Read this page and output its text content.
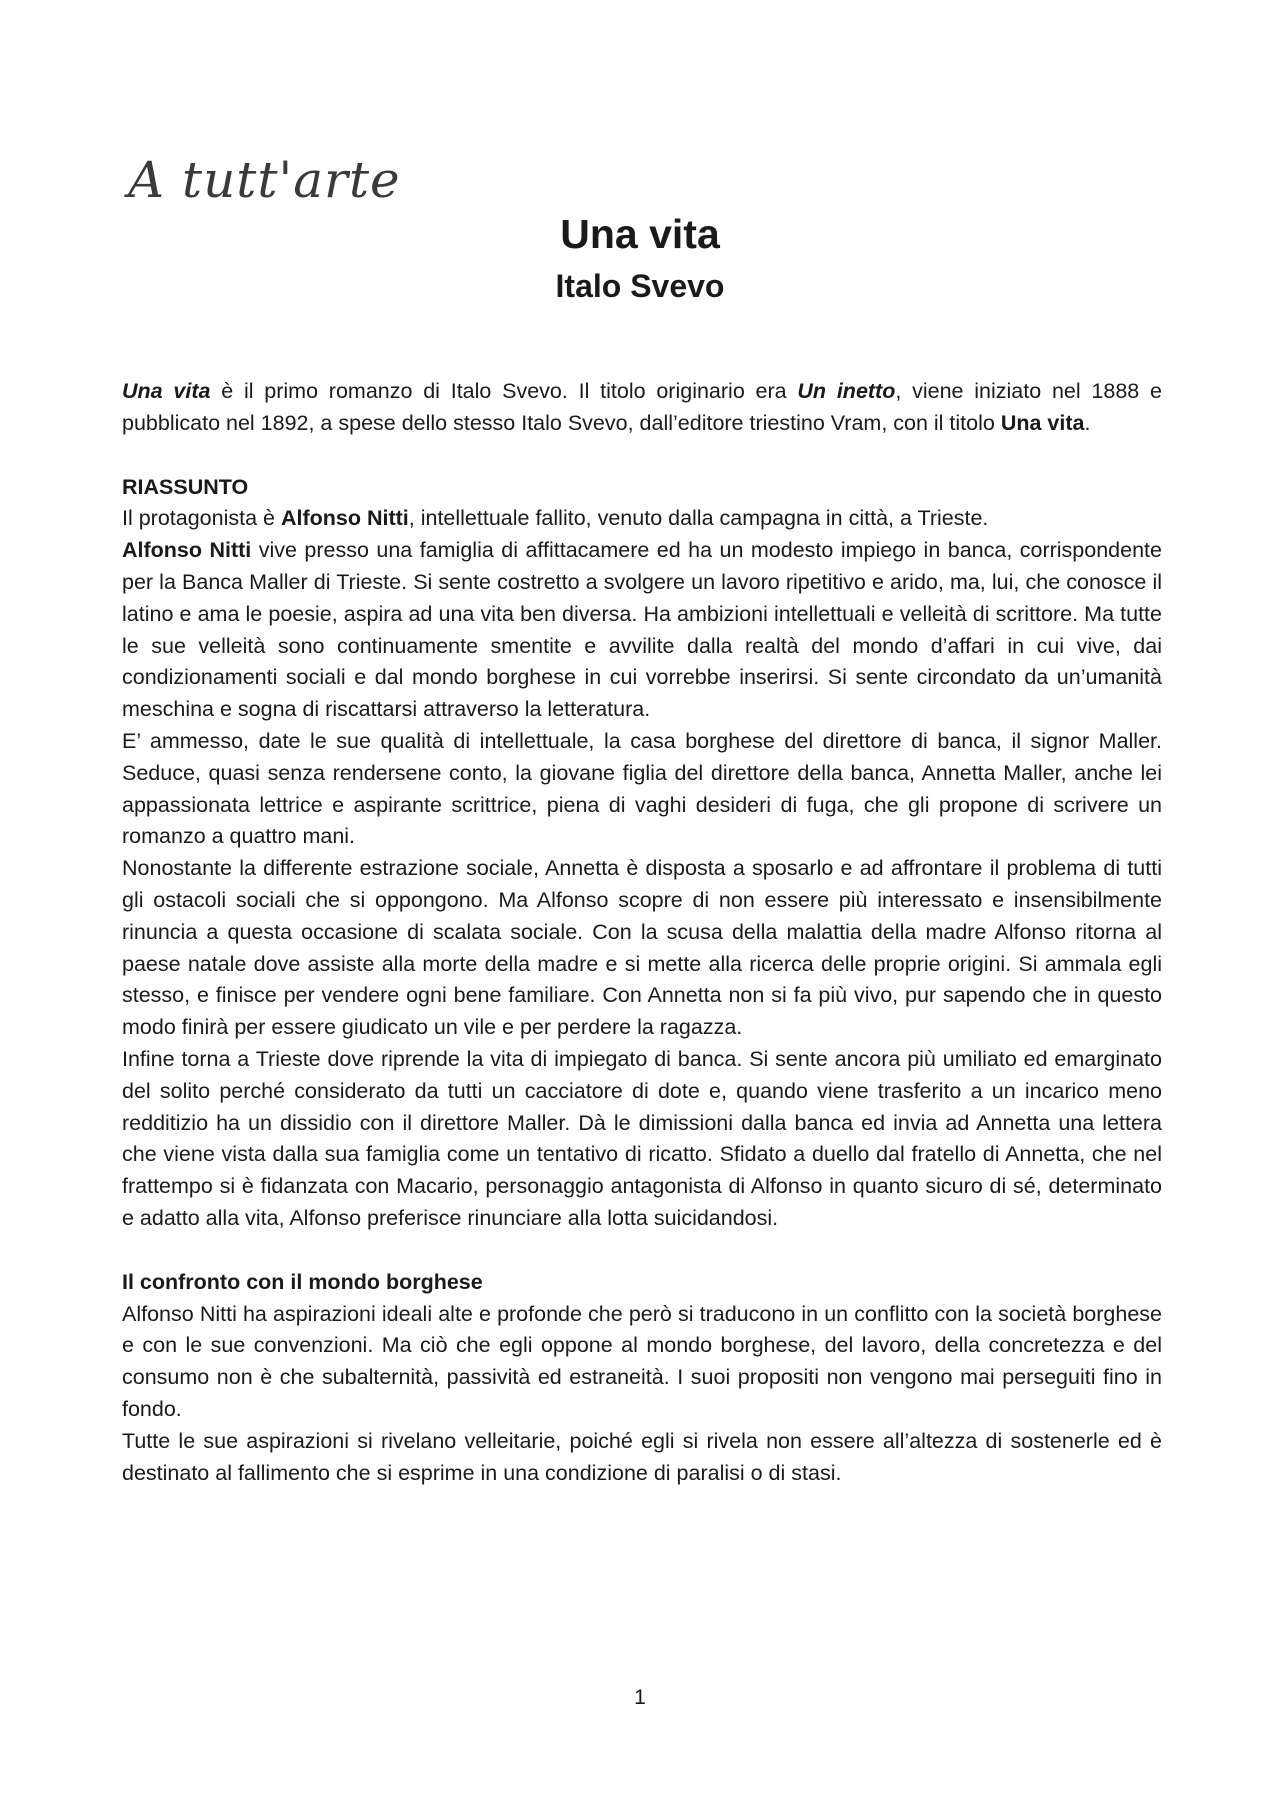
A tutt'arte
Una vita
Italo Svevo

Una vita è il primo romanzo di Italo Svevo. Il titolo originario era Un inetto, viene iniziato nel 1888 e pubblicato nel 1892, a spese dello stesso Italo Svevo, dall’editore triestino Vram, con il titolo Una vita.

RIASSUNTO

Il protagonista è Alfonso Nitti, intellettuale fallito, venuto dalla campagna in città, a Trieste.

Alfonso Nitti vive presso una famiglia di affittacamere ed ha un modesto impiego in banca, corrispondente per la Banca Maller di Trieste. Si sente costretto a svolgere un lavoro ripetitivo e arido, ma, lui, che conosce il latino e ama le poesie, aspira ad una vita ben diversa. Ha ambizioni intellettuali e velleità di scrittore. Ma tutte le sue velleità sono continuamente smentite e avvilite dalla realtà del mondo d’affari in cui vive, dai condizionamenti sociali e dal mondo borghese in cui vorrebbe inserirsi. Si sente circondato da un’umanità meschina e sogna di riscattarsi attraverso la letteratura.

E’ ammesso, date le sue qualità di intellettuale, la casa borghese del direttore di banca, il signor Maller. Seduce, quasi senza rendersene conto, la giovane figlia del direttore della banca, Annetta Maller, anche lei appassionata lettrice e aspirante scrittrice, piena di vaghi desideri di fuga, che gli propone di scrivere un romanzo a quattro mani.

Nonostante la differente estrazione sociale, Annetta è disposta a sposarlo e ad affrontare il problema di tutti gli ostacoli sociali che si oppongono. Ma Alfonso scopre di non essere più interessato e insensibilmente rinuncia a questa occasione di scalata sociale. Con la scusa della malattia della madre Alfonso ritorna al paese natale dove assiste alla morte della madre e si mette alla ricerca delle proprie origini. Si ammala egli stesso, e finisce per vendere ogni bene familiare. Con Annetta non si fa più vivo, pur sapendo che in questo modo finirà per essere giudicato un vile e per perdere la ragazza.

Infine torna a Trieste dove riprende la vita di impiegato di banca. Si sente ancora più umiliato ed emarginato del solito perché considerato da tutti un cacciatore di dote e, quando viene trasferito a un incarico meno redditizio ha un dissidio con il direttore Maller. Dà le dimissioni dalla banca ed invia ad Annetta una lettera che viene vista dalla sua famiglia come un tentativo di ricatto. Sfidato a duello dal fratello di Annetta, che nel frattempo si è fidanzata con Macario, personaggio antagonista di Alfonso in quanto sicuro di sé, determinato e adatto alla vita, Alfonso preferisce rinunciare alla lotta suicidandosi.

Il confronto con il mondo borghese

Alfonso Nitti ha aspirazioni ideali alte e profonde che però si traducono in un conflitto con la società borghese e con le sue convenzioni. Ma ciò che egli oppone al mondo borghese, del lavoro, della concretezza e del consumo non è che subalternità, passività ed estraneità. I suoi propositi non vengono mai perseguiti fino in fondo.

Tutte le sue aspirazioni si rivelano velleitarie, poiché egli si rivela non essere all’altezza di sostenerle ed è destinato al fallimento che si esprime in una condizione di paralisi o di stasi.

1
